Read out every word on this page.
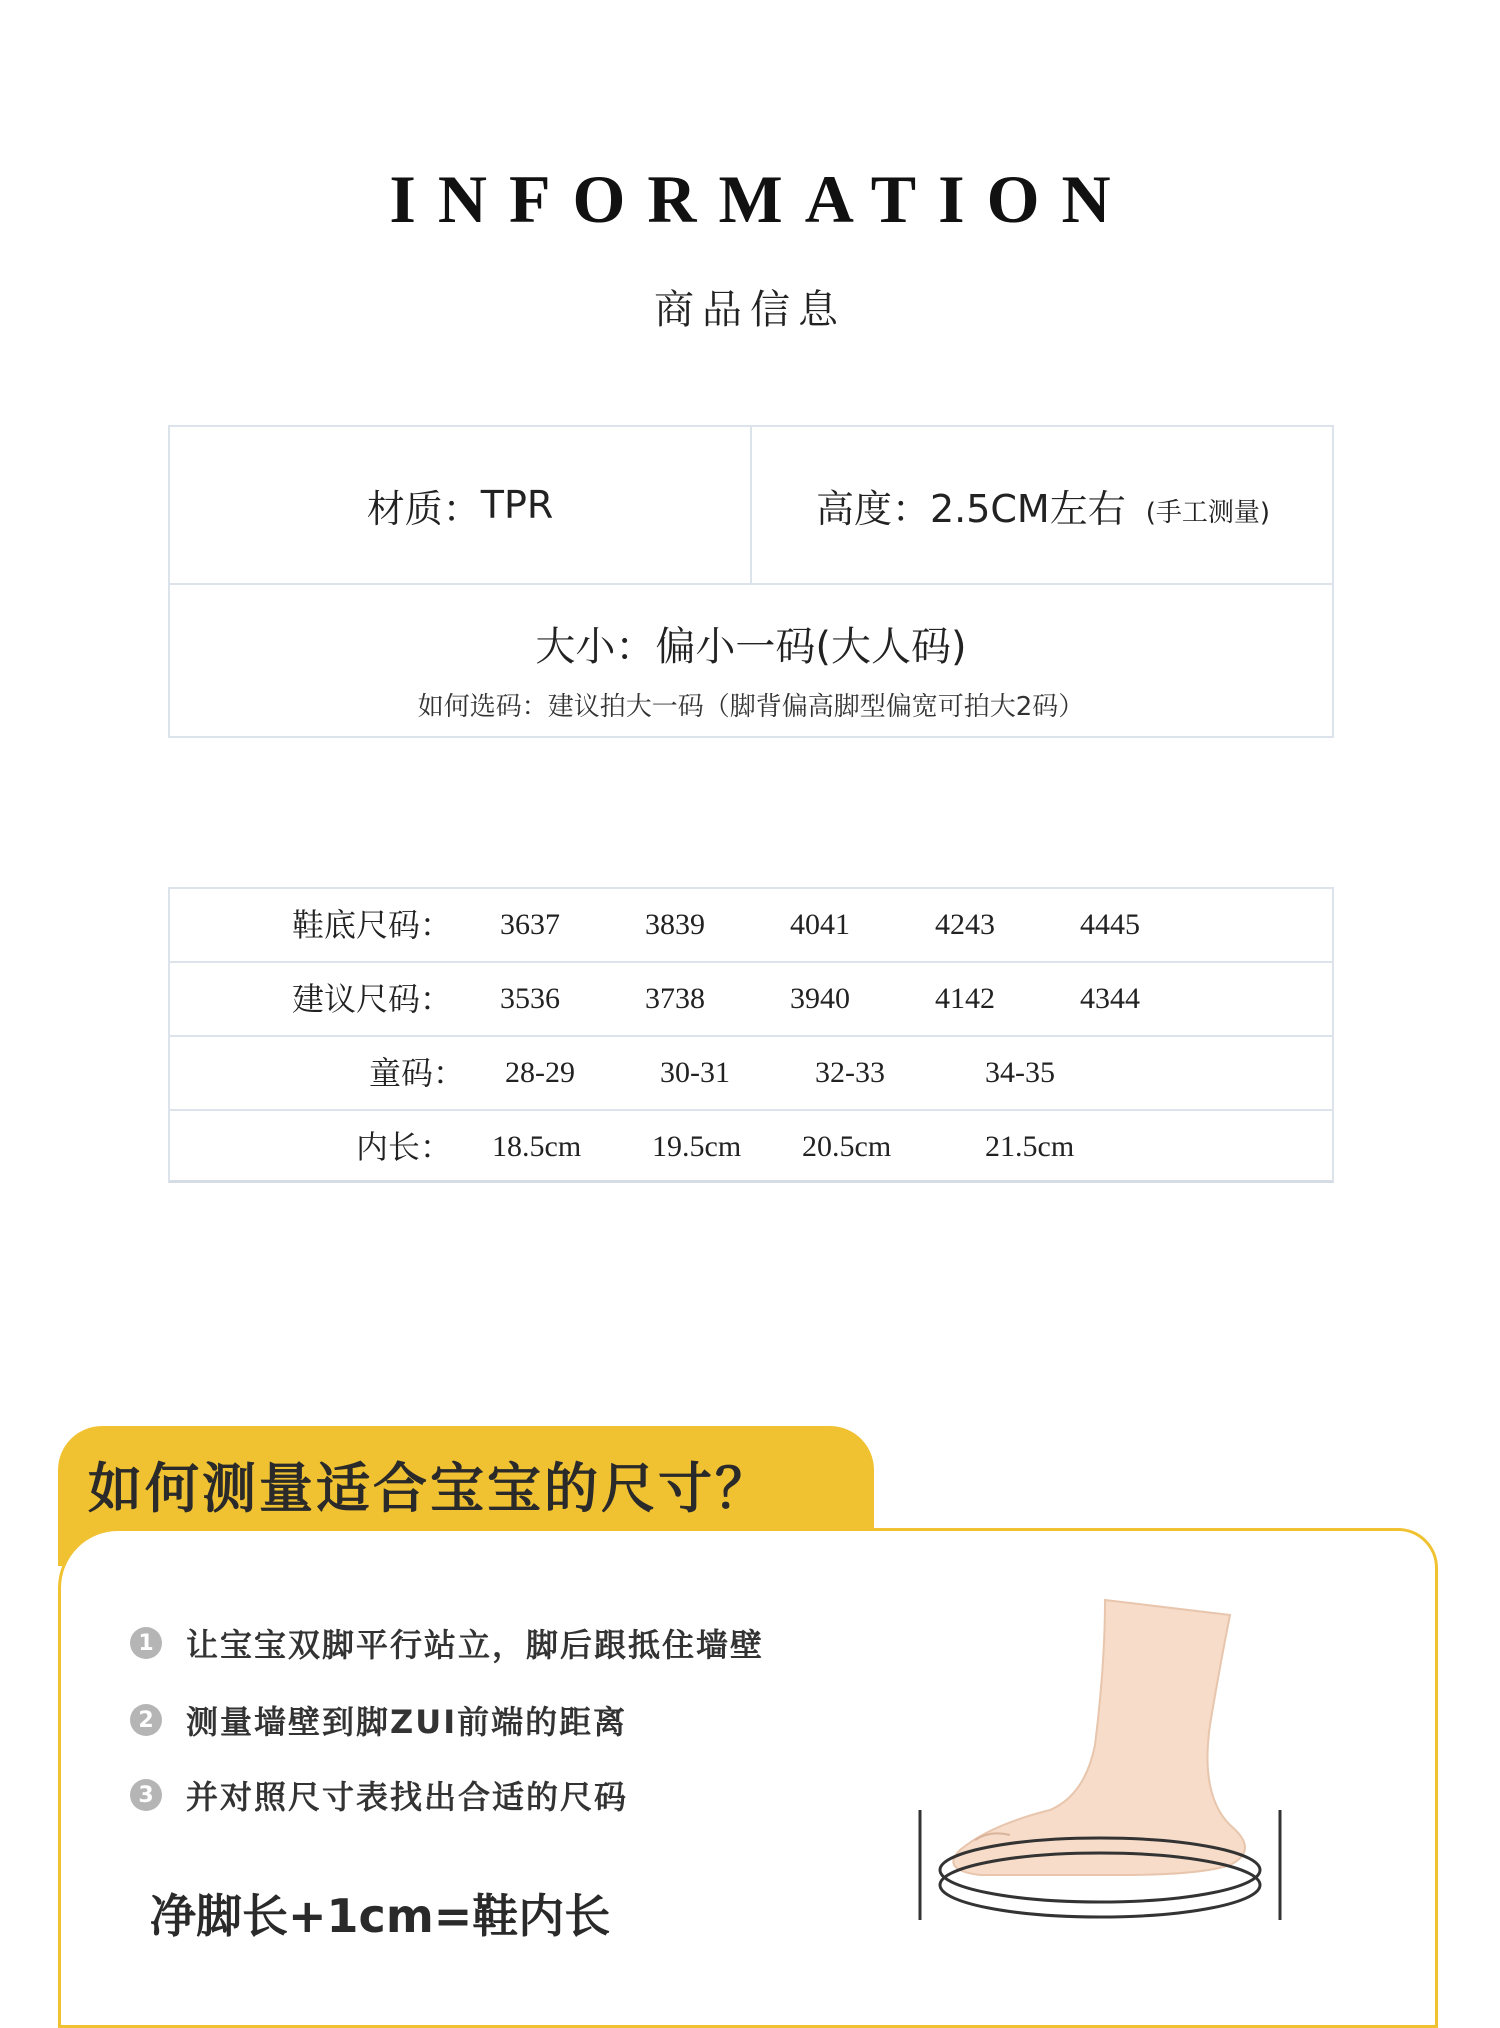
INFORMATION
商品信息
材质： TPR	高度： 2.5CM左右 (手工测量)
大小：偏小一码(大人码)
如何选码：建议拍大一码（脚背偏高脚型偏宽可拍大2码）
鞋底尺码： 3637	3839	4041	4243	4445
建议尺码： 3536	3738	3940	4142	4344
童码： 28-29	30-31	32-33	34-35
内长： 18.5cm 19.5cm 20.5cm	21.5cm
如何测量适合宝宝的尺寸？
1 让宝宝双脚平行站立，脚后跟抵住墙壁
2 测量墙壁到脚ZUI前端的距离
3 并对照尺寸表找出合适的尺码
净脚长+1cm=鞋内长
